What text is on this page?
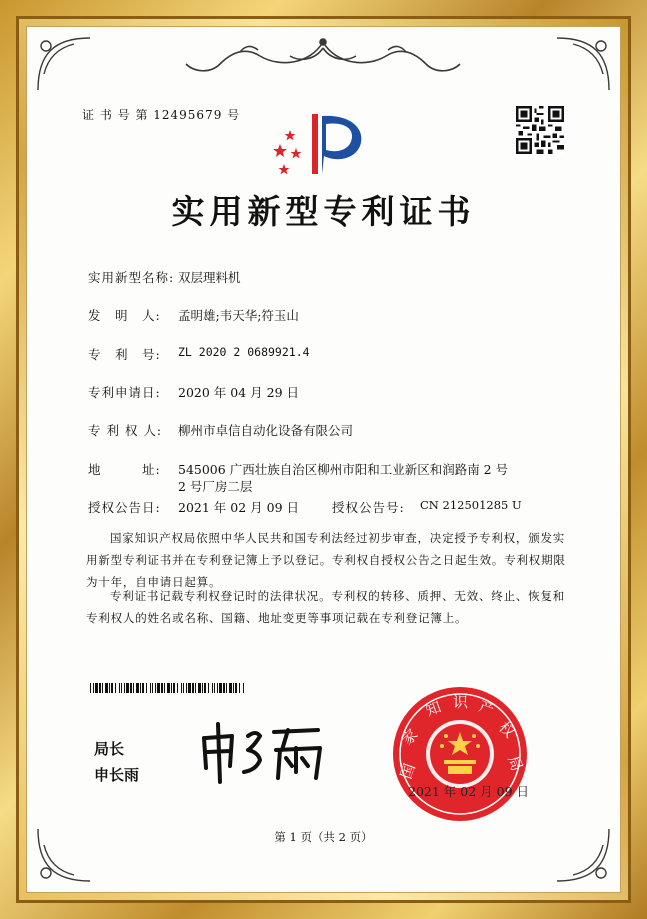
证 书 号 第 12495679 号
实用新型专利证书
实用新型名称: 双层理料机
发　明　人: 孟明雄;韦天华;符玉山
专　利　号: ZL 2020 2 0689921.4
专利申请日: 2020 年 04 月 29 日
专 利 权 人: 柳州市卓信自动化设备有限公司
地　　　址: 545006 广西壮族自治区柳州市阳和工业新区和润路南 2 号
2 号厂房二层
授权公告日: 2021 年 02 月 09 日	授权公告号: CN 212501285 U
国家知识产权局依照中华人民共和国专利法经过初步审查，决定授予专利权，颁发实用新型专利证书并在专利登记簿上予以登记。专利权自授权公告之日起生效。专利权期限为十年，自申请日起算。
专利证书记载专利权登记时的法律状况。专利权的转移、质押、无效、终止、恢复和专利权人的姓名或名称、国籍、地址变更等事项记载在专利登记簿上。
局长
申长雨	国
家
知 识 产
权
局
2021 年 02 月 09 日
第 1 页（共 2 页）
